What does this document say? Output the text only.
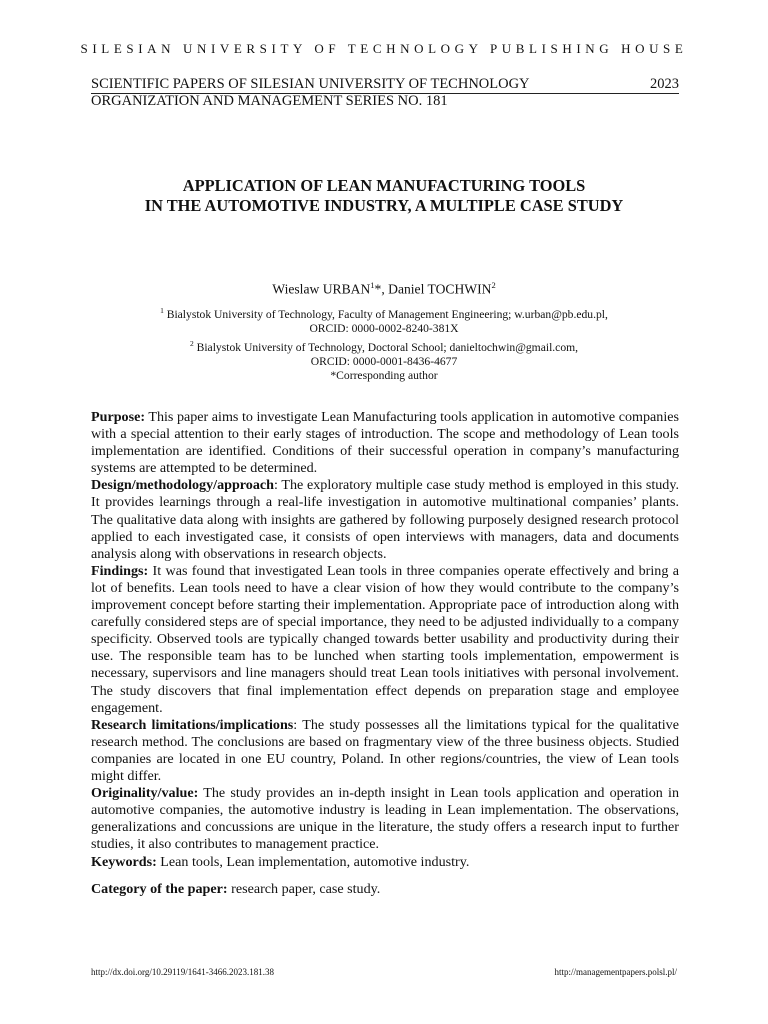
SILESIAN UNIVERSITY OF TECHNOLOGY PUBLISHING HOUSE
SCIENTIFIC PAPERS OF SILESIAN UNIVERSITY OF TECHNOLOGY	2023
ORGANIZATION AND MANAGEMENT SERIES NO. 181
APPLICATION OF LEAN MANUFACTURING TOOLS
IN THE AUTOMOTIVE INDUSTRY, A MULTIPLE CASE STUDY
Wieslaw URBAN$^1$*, Daniel TOCHWIN$^2$
$^1$ Bialystok University of Technology, Faculty of Management Engineering; w.urban@pb.edu.pl,
ORCID: 0000-0002-8240-381X
$^2$ Bialystok University of Technology, Doctoral School; danieltochwin@gmail.com,
ORCID: 0000-0001-8436-4677
*Corresponding author

Purpose: This paper aims to investigate Lean Manufacturing tools application in automotive companies with a special attention to their early stages of introduction. The scope and methodology of Lean tools implementation are identified. Conditions of their successful operation in company’s manufacturing systems are attempted to be determined.

Design/methodology/approach: The exploratory multiple case study method is employed in this study. It provides learnings through a real-life investigation in automotive multinational companies’ plants. The qualitative data along with insights are gathered by following purposely designed research protocol applied to each investigated case, it consists of open interviews with managers, data and documents analysis along with observations in research objects.

Findings: It was found that investigated Lean tools in three companies operate effectively and bring a lot of benefits. Lean tools need to have a clear vision of how they would contribute to the company’s improvement concept before starting their implementation. Appropriate pace of introduction along with carefully considered steps are of special importance, they need to be adjusted individually to a company specificity. Observed tools are typically changed towards better usability and productivity during their use. The responsible team has to be lunched when starting tools implementation, empowerment is necessary, supervisors and line managers should treat Lean tools initiatives with personal involvement. The study discovers that final implementation effect depends on preparation stage and employee engagement.

Research limitations/implications: The study possesses all the limitations typical for the qualitative research method. The conclusions are based on fragmentary view of the three business objects. Studied companies are located in one EU country, Poland. In other regions/countries, the view of Lean tools might differ.

Originality/value: The study provides an in-depth insight in Lean tools application and operation in automotive companies, the automotive industry is leading in Lean implementation. The observations, generalizations and concussions are unique in the literature, the study offers a research input to further studies, it also contributes to management practice.

Keywords: Lean tools, Lean implementation, automotive industry.
Category of the paper: research paper, case study.
http://dx.doi.org/10.29119/1641-3466.2023.181.38	http://managementpapers.polsl.pl/
